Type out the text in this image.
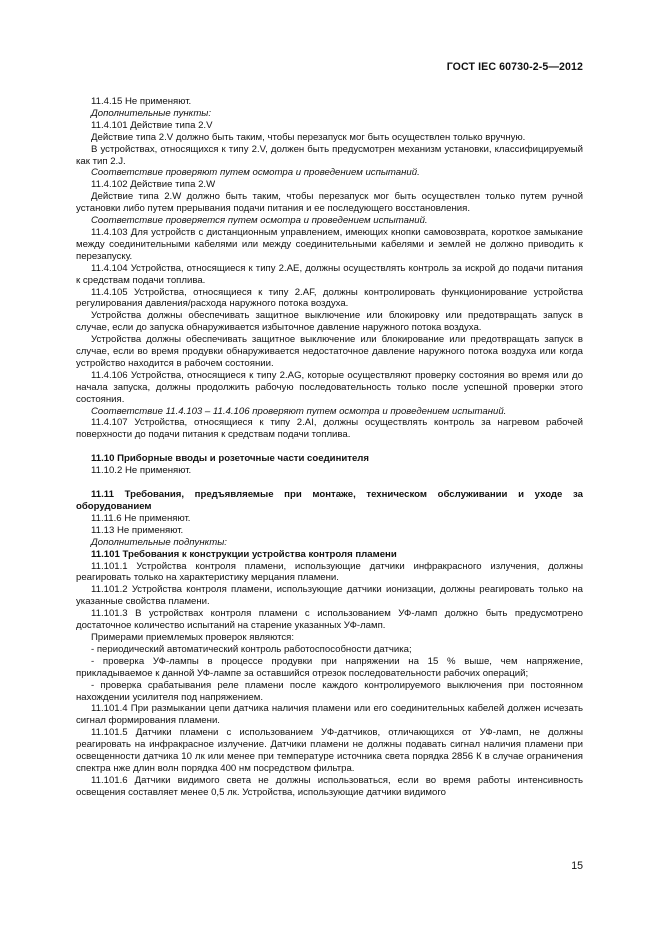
ГОСТ IEC 60730-2-5—2012

11.4.15 Не применяют.

Дополнительные пункты:

11.4.101 Действие типа 2.V

Действие типа 2.V должно быть таким, чтобы перезапуск мог быть осуществлен только вручную.

В устройствах, относящихся к типу 2.V, должен быть предусмотрен механизм установки, классифицируемый как тип 2.J.

Соответствие проверяют путем осмотра и проведением испытаний.

11.4.102 Действие типа 2.W

Действие типа 2.W должно быть таким, чтобы перезапуск мог быть осуществлен только путем ручной установки либо путем прерывания подачи питания и ее последующего восстановления.

Соответствие проверяется путем осмотра и проведением испытаний.

11.4.103 Для устройств с дистанционным управлением, имеющих кнопки самовозврата, короткое замыкание между соединительными кабелями или между соединительными кабелями и землей не должно приводить к перезапуску.

11.4.104 Устройства, относящиеся к типу 2.AE, должны осуществлять контроль за искрой до подачи питания к средствам подачи топлива.

11.4.105 Устройства, относящиеся к типу 2.AF, должны контролировать функционирование устройства регулирования давления/расхода наружного потока воздуха.

Устройства должны обеспечивать защитное выключение или блокировку или предотвращать запуск в случае, если до запуска обнаруживается избыточное давление наружного потока воздуха.

Устройства должны обеспечивать защитное выключение или блокирование или предотвращать запуск в случае, если во время продувки обнаруживается недостаточное давление наружного потока воздуха или когда устройство находится в рабочем состоянии.

11.4.106 Устройства, относящиеся к типу 2.AG, которые осуществляют проверку состояния во время или до начала запуска, должны продолжить рабочую последовательность только после успешной проверки этого состояния.

Соответствие 11.4.103 – 11.4.106 проверяют путем осмотра и проведением испытаний.

11.4.107 Устройства, относящиеся к типу 2.AI, должны осуществлять контроль за нагревом рабочей поверхности до подачи питания к средствам подачи топлива.

11.10 Приборные вводы и розеточные части соединителя

11.10.2 Не применяют.

11.11 Требования, предъявляемые при монтаже, техническом обслуживании и уходе за оборудованием

11.11.6 Не применяют.

11.13 Не применяют.

Дополнительные подпункты:

11.101 Требования к конструкции устройства контроля пламени

11.101.1 Устройства контроля пламени, использующие датчики инфракрасного излучения, должны реагировать только на характеристику мерцания пламени.

11.101.2 Устройства контроля пламени, использующие датчики ионизации, должны реагировать только на указанные свойства пламени.

11.101.3 В устройствах контроля пламени с использованием УФ-ламп должно быть предусмотрено достаточное количество испытаний на старение указанных УФ-ламп.

Примерами приемлемых проверок являются:

- периодический автоматический контроль работоспособности датчика;

- проверка УФ-лампы в процессе продувки при напряжении на 15 % выше, чем напряжение, прикладываемое к данной УФ-лампе за оставшийся отрезок последовательности рабочих операций;

- проверка срабатывания реле пламени после каждого контролируемого выключения при постоянном нахождении усилителя под напряжением.

11.101.4 При размыкании цепи датчика наличия пламени или его соединительных кабелей должен исчезать сигнал формирования пламени.

11.101.5 Датчики пламени с использованием УФ-датчиков, отличающихся от УФ-ламп, не должны реагировать на инфракрасное излучение. Датчики пламени не должны подавать сигнал наличия пламени при освещенности датчика 10 лк или менее при температуре источника света порядка 2856 К в случае ограничения спектра нже длин волн порядка 400 нм посредством фильтра.

11.101.6 Датчики видимого света не должны использоваться, если во время работы интенсивность освещения составляет менее 0,5 лк. Устройства, использующие датчики видимого

15
